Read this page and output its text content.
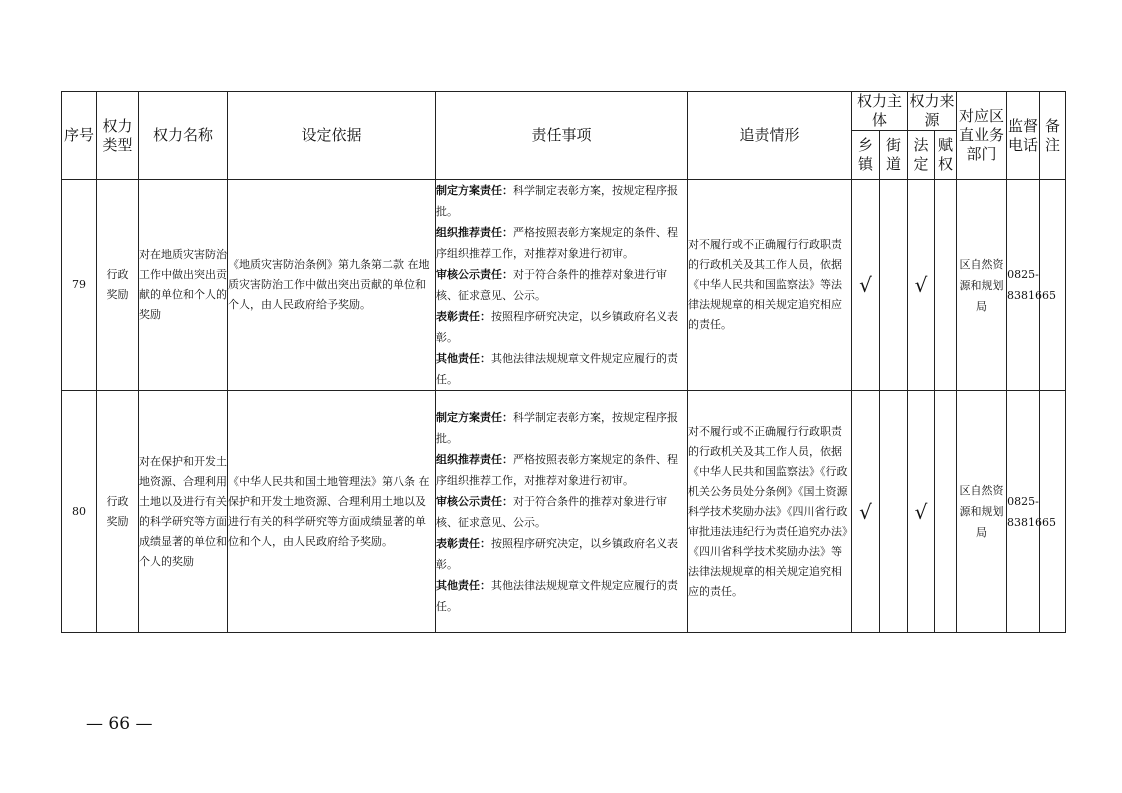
序号	权力类型	权力名称	设定依据	责任事项	追责情形	权力主体		权力来源		对应区直业务部门	监督电话	备注
						乡镇	街道	法定	赋权			
79	行政奖励	对在地质灾害防治工作中做出突出贡献的单位和个人的奖励	《地质灾害防治条例》第九条第二款 在地质灾害防治工作中做出突出贡献的单位和个人，由人民政府给予奖励。	制定方案责任：科学制定表彰方案，按规定程序报批。
组织推荐责任：严格按照表彰方案规定的条件、程序组织推荐工作，对推荐对象进行初审。
审核公示责任：对于符合条件的推荐对象进行审核、征求意见、公示。
表彰责任：按照程序研究决定，以乡镇政府名义表彰。
其他责任：其他法律法规规章文件规定应履行的责任。	对不履行或不正确履行行政职责的行政机关及其工作人员，依据《中华人民共和国监察法》等法律法规规章的相关规定追究相应的责任。	√		√		区自然资源和规划局	0825-8381665	
80	行政奖励	对在保护和开发土地资源、合理利用土地以及进行有关的科学研究等方面成绩显著的单位和个人的奖励	《中华人民共和国土地管理法》第八条 在保护和开发土地资源、合理利用土地以及进行有关的科学研究等方面成绩显著的单位和个人，由人民政府给予奖励。	制定方案责任：科学制定表彰方案，按规定程序报批。
组织推荐责任：严格按照表彰方案规定的条件、程序组织推荐工作，对推荐对象进行初审。
审核公示责任：对于符合条件的推荐对象进行审核、征求意见、公示。
表彰责任：按照程序研究决定，以乡镇政府名义表彰。
其他责任：其他法律法规规章文件规定应履行的责任。	对不履行或不正确履行行政职责的行政机关及其工作人员，依据《中华人民共和国监察法》《行政机关公务员处分条例》《国土资源科学技术奖励办法》《四川省行政审批违法违纪行为责任追究办法》《四川省科学技术奖励办法》等法律法规规章的相关规定追究相应的责任。	√		√		区自然资源和规划局	0825-8381665	
— 66 —
